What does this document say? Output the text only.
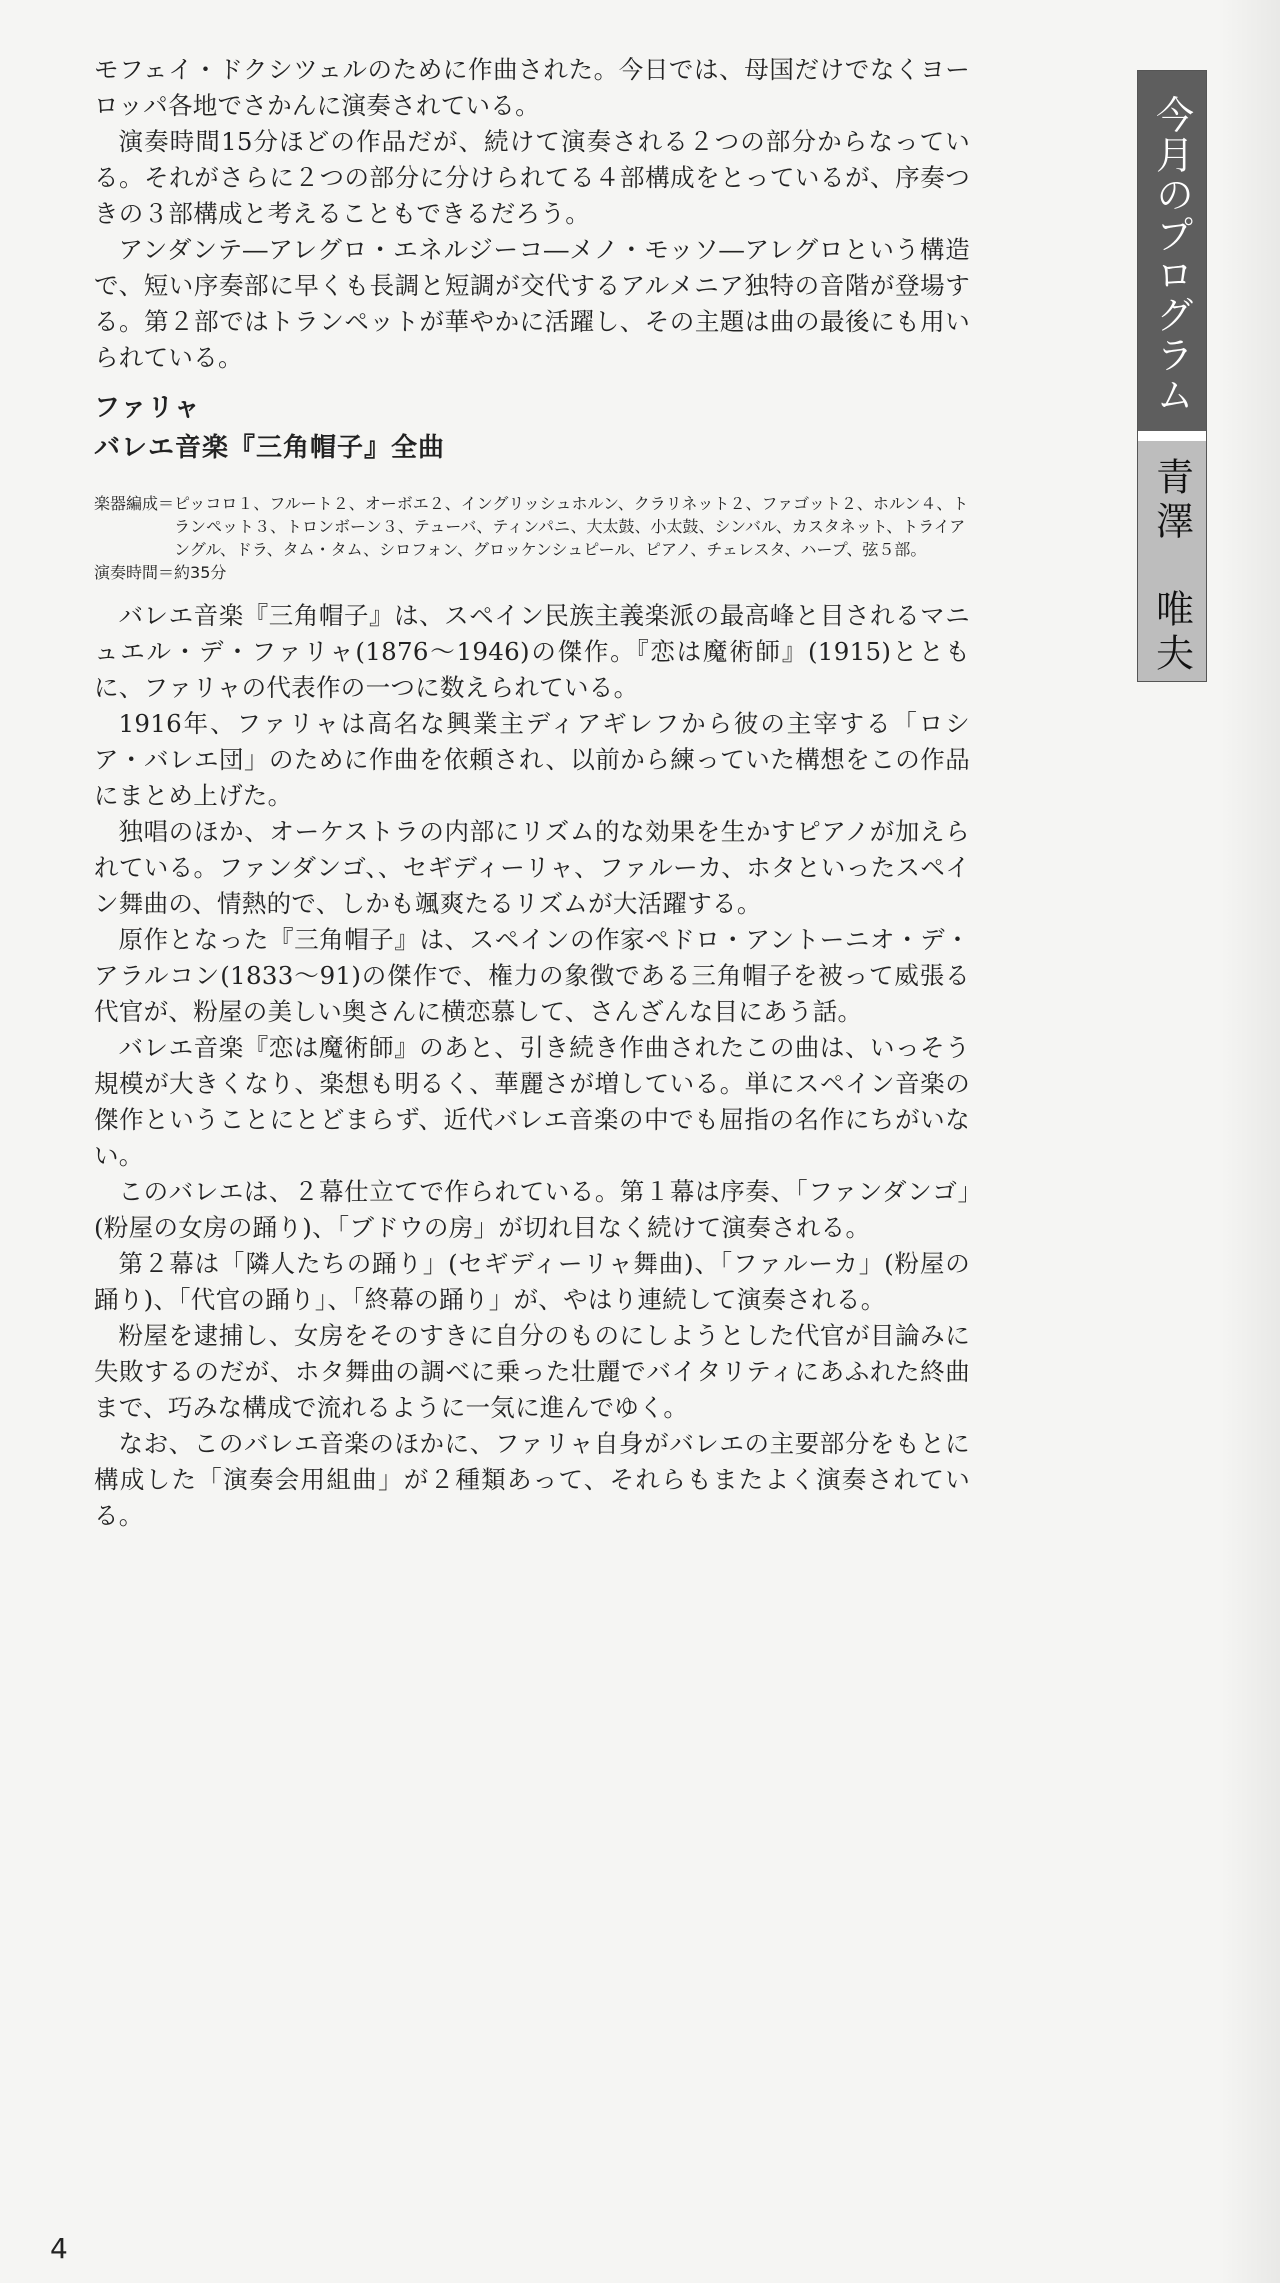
モフェイ・ドクシツェルのために作曲された。今日では、母国だけでなくヨーロッパ各地でさかんに演奏されている。

演奏時間15分ほどの作品だが、続けて演奏される２つの部分からなっている。それがさらに２つの部分に分けられてる４部構成をとっているが、序奏つきの３部構成と考えることもできるだろう。

アンダンテ―アレグロ・エネルジーコ―メノ・モッソ―アレグロという構造で、短い序奏部に早くも長調と短調が交代するアルメニア独特の音階が登場する。第２部ではトランペットが華やかに活躍し、その主題は曲の最後にも用いられている。

ファリャ

バレエ音楽『三角帽子』全曲

楽器編成＝ ピッコロ１、フルート２、オーボエ２、イングリッシュホルン、クラリネット２、ファゴット２、ホルン４、トランペット３、トロンボーン３、テューバ、ティンパニ、大太鼓、小太鼓、シンバル、カスタネット、トライアングル、ドラ、タム・タム、シロフォン、グロッケンシュピール、ピアノ、チェレスタ、ハープ、弦５部。
演奏時間＝ 約35分

バレエ音楽『三角帽子』は、スペイン民族主義楽派の最高峰と目されるマニュエル・デ・ファリャ(1876～1946)の傑作。『恋は魔術師』(1915)とともに、ファリャの代表作の一つに数えられている。

1916年、ファリャは高名な興業主ディアギレフから彼の主宰する「ロシア・バレエ団」のために作曲を依頼され、以前から練っていた構想をこの作品にまとめ上げた。

独唱のほか、オーケストラの内部にリズム的な効果を生かすピアノが加えられている。ファンダンゴ、、セギディーリャ、ファルーカ、ホタといったスペイン舞曲の、情熱的で、しかも颯爽たるリズムが大活躍する。

原作となった『三角帽子』は、スペインの作家ペドロ・アントーニオ・デ・アラルコン(1833～91)の傑作で、権力の象徴である三角帽子を被って威張る代官が、粉屋の美しい奥さんに横恋慕して、さんざんな目にあう話。

バレエ音楽『恋は魔術師』のあと、引き続き作曲されたこの曲は、いっそう規模が大きくなり、楽想も明るく、華麗さが増している。単にスペイン音楽の傑作ということにとどまらず、近代バレエ音楽の中でも屈指の名作にちがいない。

このバレエは、２幕仕立てで作られている。第１幕は序奏、「ファンダンゴ」(粉屋の女房の踊り)、「ブドウの房」が切れ目なく続けて演奏される。

第２幕は「隣人たちの踊り」(セギディーリャ舞曲)、「ファルーカ」(粉屋の踊り)、「代官の踊り」、「終幕の踊り」が、やはり連続して演奏される。

粉屋を逮捕し、女房をそのすきに自分のものにしようとした代官が目論みに失敗するのだが、ホタ舞曲の調べに乗った壮麗でバイタリティにあふれた終曲まで、巧みな構成で流れるように一気に進んでゆく。

なお、このバレエ音楽のほかに、ファリャ自身がバレエの主要部分をもとに構成した「演奏会用組曲」が２種類あって、それらもまたよく演奏されている。

今月のプログラム
青澤　唯夫
4
